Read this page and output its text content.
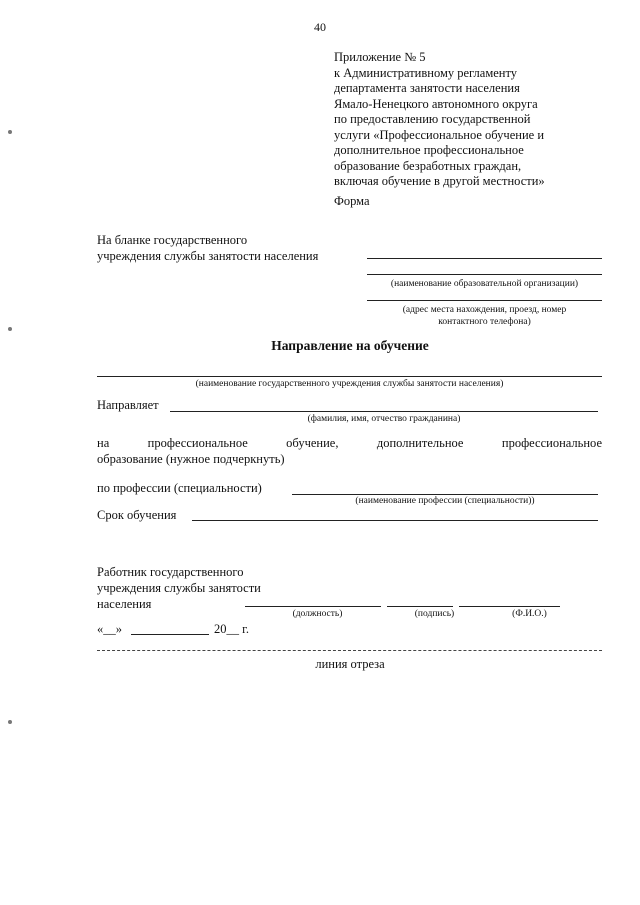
40
Приложение № 5
к Административному регламенту
департамента занятости населения
Ямало-Ненецкого автономного округа
по предоставлению государственной
услуги «Профессиональное обучение и
дополнительное профессиональное
образование безработных граждан,
включая обучение в другой местности»
Форма
На бланке государственного
учреждения службы занятости населения
(наименование образовательной организации)
(адрес места нахождения, проезд, номер
контактного телефона)
Направление на обучение
(наименование государственного учреждения службы занятости населения)
Направляет
(фамилия, имя, отчество гражданина)
на профессиональное обучение, дополнительное профессиональное
образование (нужное подчеркнуть)
по профессии (специальности)
(наименование профессии (специальности))
Срок обучения
Работник государственного
учреждения службы занятости
населения
(должность)	(подпись)	(Ф.И.О.)
«__»	20__ г.
линия отреза
